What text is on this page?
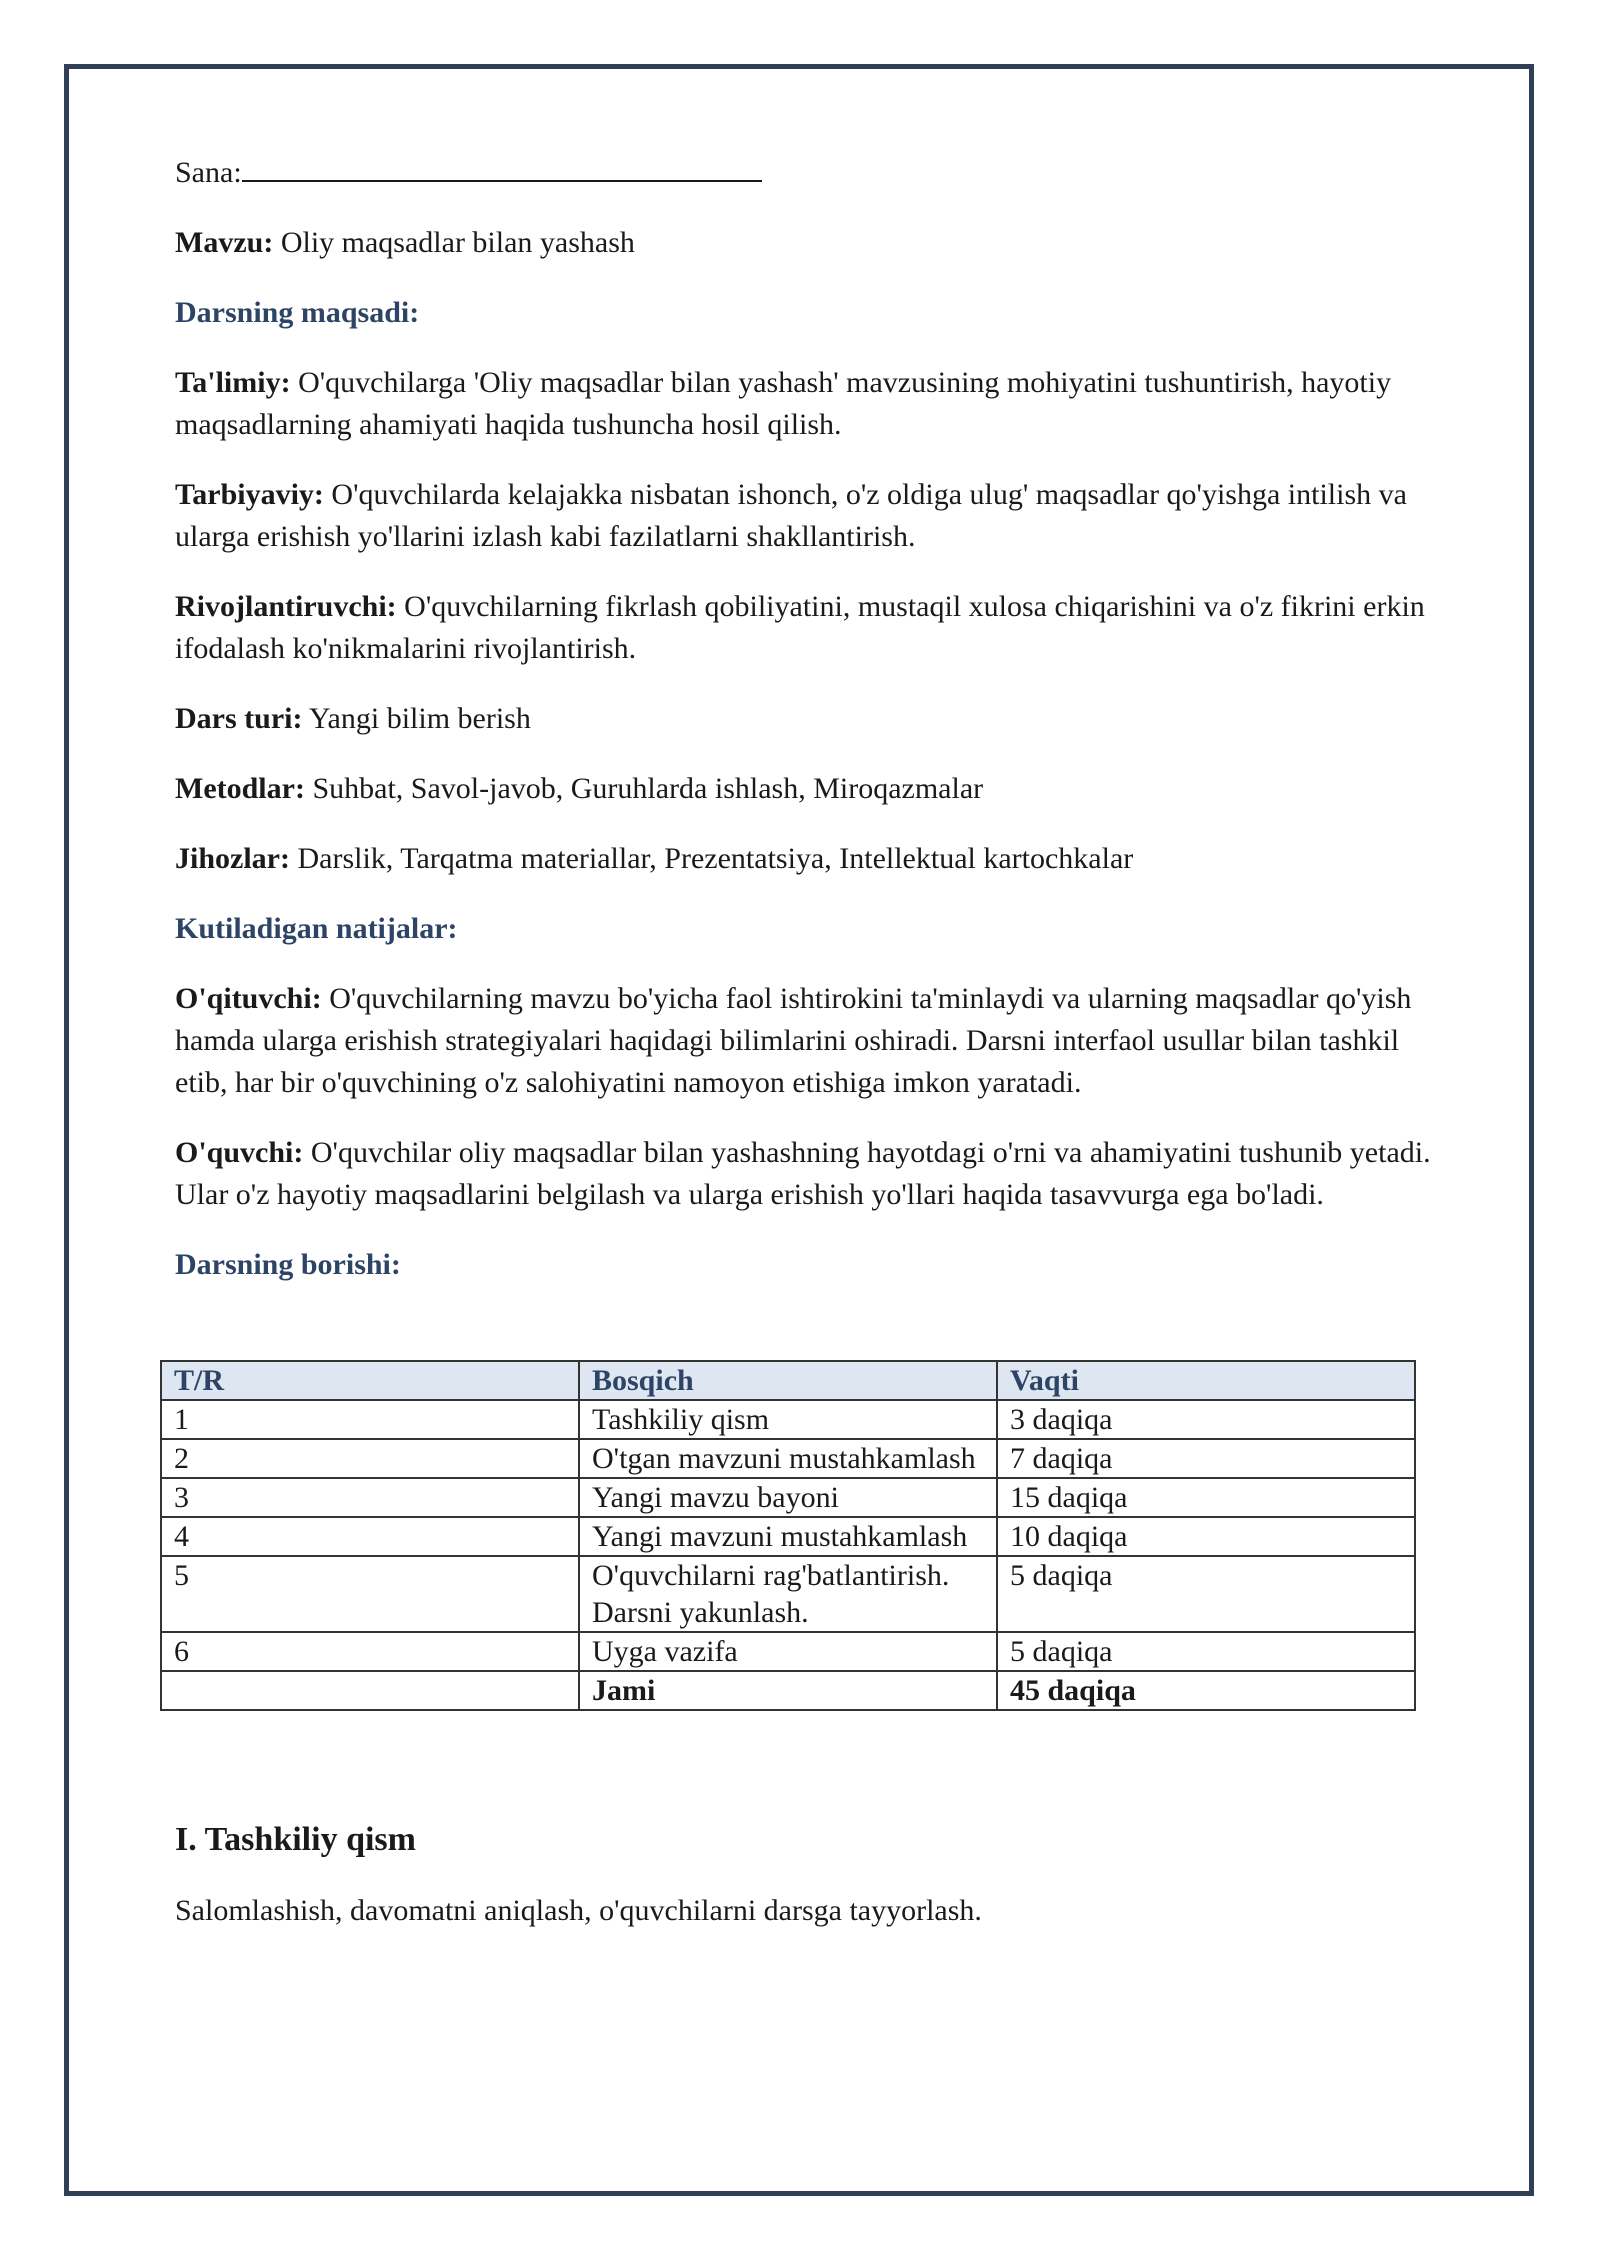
Sana:

Mavzu: Oliy maqsadlar bilan yashash

Darsning maqsadi:

Ta'limiy: O'quvchilarga 'Oliy maqsadlar bilan yashash' mavzusining mohiyatini tushuntirish, hayotiy maqsadlarning ahamiyati haqida tushuncha hosil qilish.

Tarbiyaviy: O'quvchilarda kelajakka nisbatan ishonch, o'z oldiga ulug' maqsadlar qo'yishga intilish va ularga erishish yo'llarini izlash kabi fazilatlarni shakllantirish.

Rivojlantiruvchi: O'quvchilarning fikrlash qobiliyatini, mustaqil xulosa chiqarishini va o'z fikrini erkin ifodalash ko'nikmalarini rivojlantirish.

Dars turi: Yangi bilim berish

Metodlar: Suhbat, Savol-javob, Guruhlarda ishlash, Miroqazmalar

Jihozlar: Darslik, Tarqatma materiallar, Prezentatsiya, Intellektual kartochkalar

Kutiladigan natijalar:

O'qituvchi: O'quvchilarning mavzu bo'yicha faol ishtirokini ta'minlaydi va ularning maqsadlar qo'yish hamda ularga erishish strategiyalari haqidagi bilimlarini oshiradi. Darsni interfaol usullar bilan tashkil etib, har bir o'quvchining o'z salohiyatini namoyon etishiga imkon yaratadi.

O'quvchi: O'quvchilar oliy maqsadlar bilan yashashning hayotdagi o'rni va ahamiyatini tushunib yetadi. Ular o'z hayotiy maqsadlarini belgilash va ularga erishish yo'llari haqida tasavvurga ega bo'ladi.

Darsning borishi:

T/R	Bosqich	Vaqti
1	Tashkiliy qism	3 daqiqa
2	O'tgan mavzuni mustahkamlash	7 daqiqa
3	Yangi mavzu bayoni	15 daqiqa
4	Yangi mavzuni mustahkamlash	10 daqiqa
5	O'quvchilarni rag'batlantirish. Darsni yakunlash.	5 daqiqa
6	Uyga vazifa	5 daqiqa
	Jami	45 daqiqa
I. Tashkiliy qism

Salomlashish, davomatni aniqlash, o'quvchilarni darsga tayyorlash.
